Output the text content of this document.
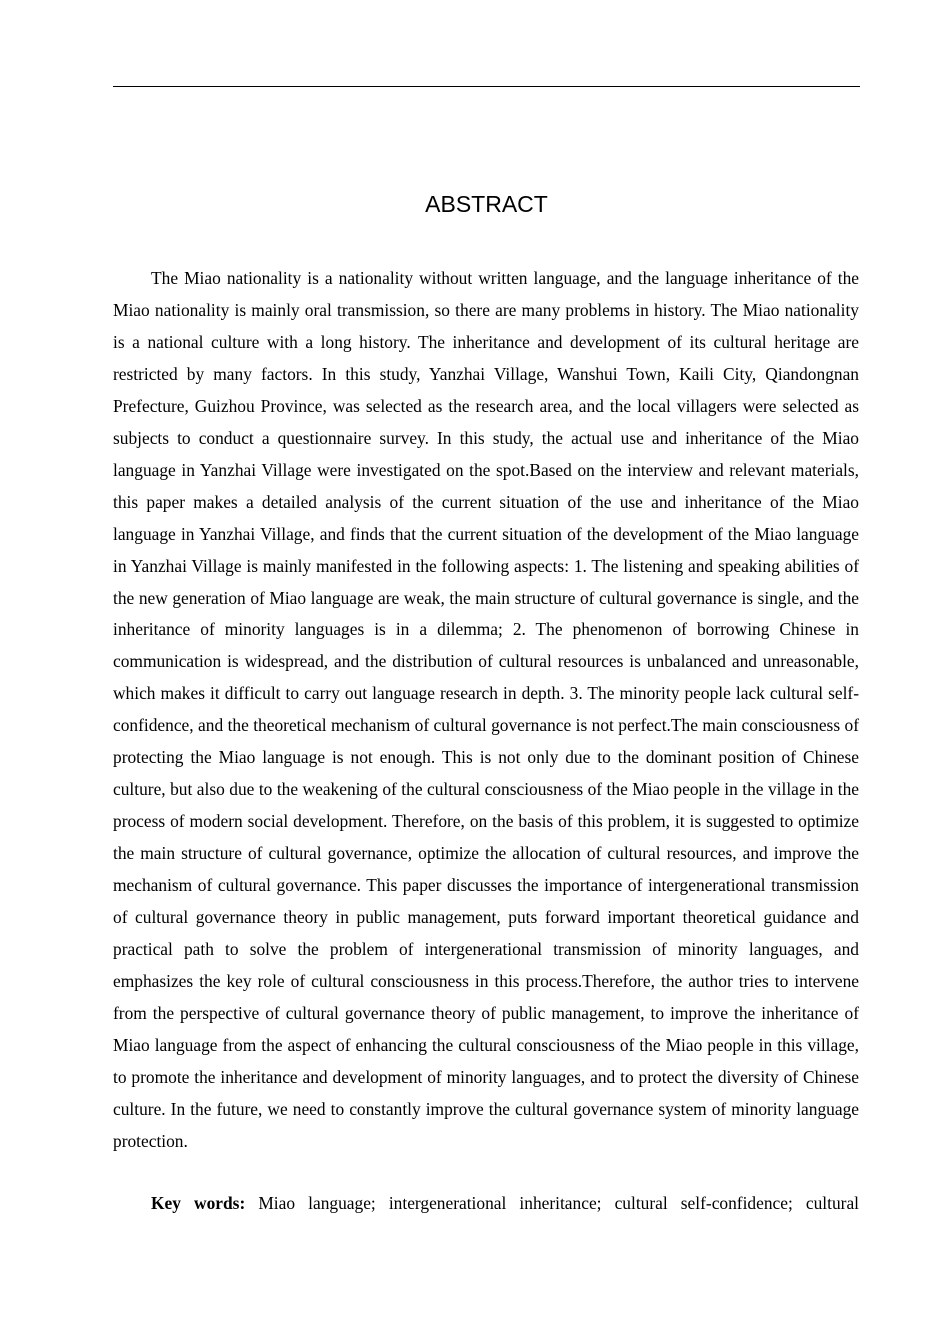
ABSTRACT

The Miao nationality is a nationality without written language, and the language inheritance of the Miao nationality is mainly oral transmission, so there are many problems in history. The Miao nationality is a national culture with a long history. The inheritance and development of its cultural heritage are restricted by many factors. In this study, Yanzhai Village, Wanshui Town, Kaili City, Qiandongnan Prefecture, Guizhou Province, was selected as the research area, and the local villagers were selected as subjects to conduct a questionnaire survey. In this study, the actual use and inheritance of the Miao language in Yanzhai Village were investigated on the spot.Based on the interview and relevant materials, this paper makes a detailed analysis of the current situation of the use and inheritance of the Miao language in Yanzhai Village, and finds that the current situation of the development of the Miao language in Yanzhai Village is mainly manifested in the following aspects: 1. The listening and speaking abilities of the new generation of Miao language are weak, the main structure of cultural governance is single, and the inheritance of minority languages is in a dilemma; 2. The phenomenon of borrowing Chinese in communication is widespread, and the distribution of cultural resources is unbalanced and unreasonable, which makes it difficult to carry out language research in depth. 3. The minority people lack cultural self-confidence, and the theoretical mechanism of cultural governance is not perfect.The main consciousness of protecting the Miao language is not enough. This is not only due to the dominant position of Chinese culture, but also due to the weakening of the cultural consciousness of the Miao people in the village in the process of modern social development. Therefore, on the basis of this problem, it is suggested to optimize the main structure of cultural governance, optimize the allocation of cultural resources, and improve the mechanism of cultural governance. This paper discusses the importance of intergenerational transmission of cultural governance theory in public management, puts forward important theoretical guidance and practical path to solve the problem of intergenerational transmission of minority languages, and emphasizes the key role of cultural consciousness in this process.Therefore, the author tries to intervene from the perspective of cultural governance theory of public management, to improve the inheritance of Miao language from the aspect of enhancing the cultural consciousness of the Miao people in this village, to promote the inheritance and development of minority languages, and to protect the diversity of Chinese culture. In the future, we need to constantly improve the cultural governance system of minority language protection.

Key words: Miao language; intergenerational inheritance; cultural self-confidence; cultural
